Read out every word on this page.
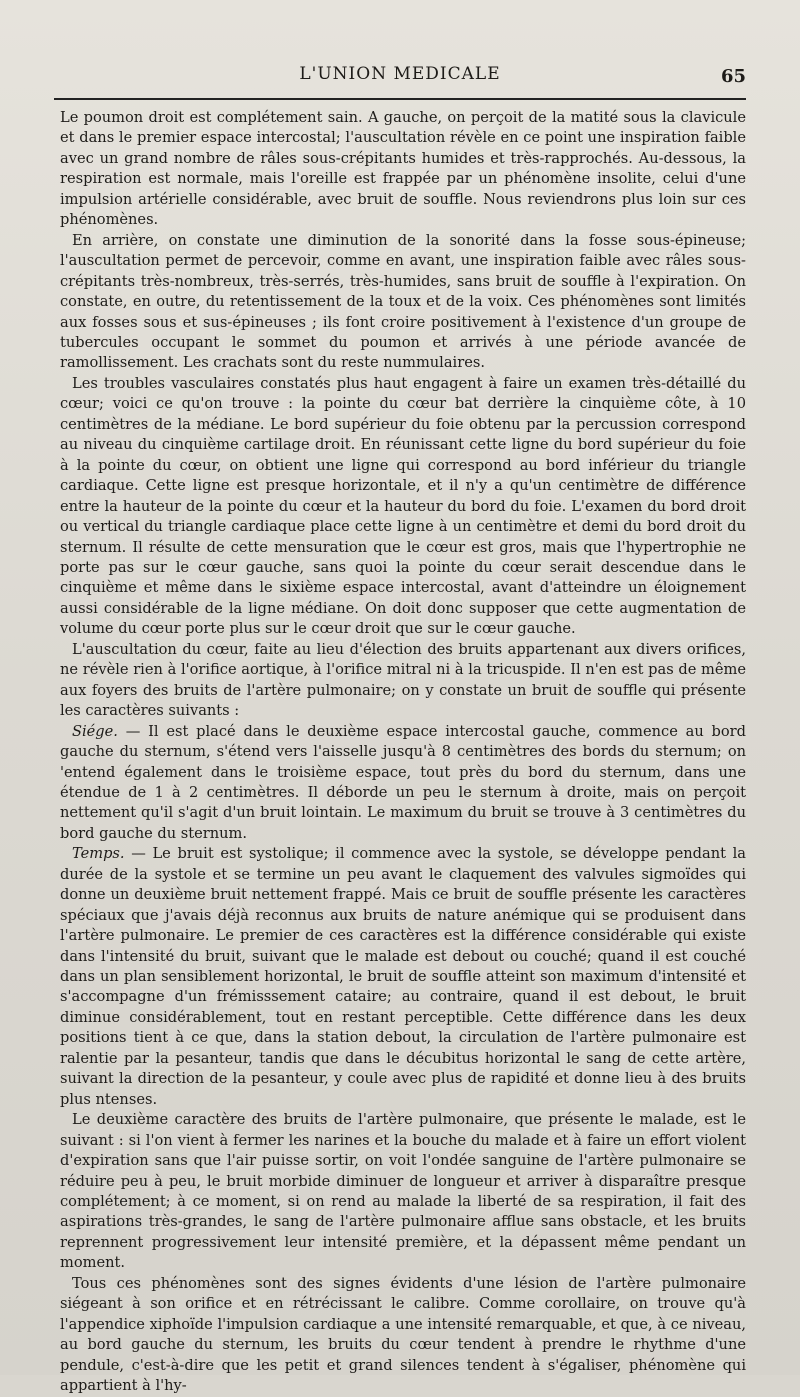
L'UNION MEDICALE	65

Le poumon droit est complétement sain. A gauche, on perçoit de la matité sous la clavicule et dans le premier espace intercostal; l'auscultation révèle en ce point une inspiration faible avec un grand nombre de râles sous-crépitants humides et très-rapprochés. Au-dessous, la respiration est normale, mais l'oreille est frappée par un phénomène insolite, celui d'une impulsion artérielle considérable, avec bruit de souffle. Nous reviendrons plus loin sur ces phénomènes.

En arrière, on constate une diminution de la sonorité dans la fosse sous-épineuse; l'auscultation permet de percevoir, comme en avant, une inspiration faible avec râles sous-crépitants très-nombreux, très-serrés, très-humides, sans bruit de souffle à l'expiration. On constate, en outre, du retentissement de la toux et de la voix. Ces phénomènes sont limités aux fosses sous et sus-épineuses ; ils font croire positivement à l'existence d'un groupe de tubercules occupant le sommet du poumon et arrivés à une période avancée de ramollissement. Les crachats sont du reste nummulaires.

Les troubles vasculaires constatés plus haut engagent à faire un examen très-détaillé du cœur; voici ce qu'on trouve : la pointe du cœur bat derrière la cinquième côte, à 10 centimètres de la médiane. Le bord supérieur du foie obtenu par la percussion correspond au niveau du cinquième cartilage droit. En réunissant cette ligne du bord supérieur du foie à la pointe du cœur, on obtient une ligne qui correspond au bord inférieur du triangle cardiaque. Cette ligne est presque horizontale, et il n'y a qu'un centimètre de différence entre la hauteur de la pointe du cœur et la hauteur du bord du foie. L'examen du bord droit ou vertical du triangle cardiaque place cette ligne à un centimètre et demi du bord droit du sternum. Il résulte de cette mensuration que le cœur est gros, mais que l'hypertrophie ne porte pas sur le cœur gauche, sans quoi la pointe du cœur serait descendue dans le cinquième et même dans le sixième espace intercostal, avant d'atteindre un éloignement aussi considérable de la ligne médiane. On doit donc supposer que cette augmentation de volume du cœur porte plus sur le cœur droit que sur le cœur gauche.

L'auscultation du cœur, faite au lieu d'élection des bruits appartenant aux divers orifices, ne révèle rien à l'orifice aortique, à l'orifice mitral ni à la tricuspide. Il n'en est pas de même aux foyers des bruits de l'artère pulmonaire; on y constate un bruit de souffle qui présente les caractères suivants :

Siége. — Il est placé dans le deuxième espace intercostal gauche, commence au bord gauche du sternum, s'étend vers l'aisselle jusqu'à 8 centimètres des bords du sternum; on 'entend également dans le troisième espace, tout près du bord du sternum, dans une étendue de 1 à 2 centimètres. Il déborde un peu le sternum à droite, mais on perçoit nettement qu'il s'agit d'un bruit lointain. Le maximum du bruit se trouve à 3 centimètres du bord gauche du sternum.

Temps. — Le bruit est systolique; il commence avec la systole, se développe pendant la durée de la systole et se termine un peu avant le claquement des valvules sigmoïdes qui donne un deuxième bruit nettement frappé. Mais ce bruit de souffle présente les caractères spéciaux que j'avais déjà reconnus aux bruits de nature anémique qui se produisent dans l'artère pulmonaire. Le premier de ces caractères est la différence considérable qui existe dans l'intensité du bruit, suivant que le malade est debout ou couché; quand il est couché dans un plan sensiblement horizontal, le bruit de souffle atteint son maximum d'intensité et s'accompagne d'un frémisssement cataire; au contraire, quand il est debout, le bruit diminue considérablement, tout en restant perceptible. Cette différence dans les deux positions tient à ce que, dans la station debout, la circulation de l'artère pulmonaire est ralentie par la pesanteur, tandis que dans le décubitus horizontal le sang de cette artère, suivant la direction de la pesanteur, y coule avec plus de rapidité et donne lieu à des bruits plus ntenses.

Le deuxième caractère des bruits de l'artère pulmonaire, que présente le malade, est le suivant : si l'on vient à fermer les narines et la bouche du malade et à faire un effort violent d'expiration sans que l'air puisse sortir, on voit l'ondée sanguine de l'artère pulmonaire se réduire peu à peu, le bruit morbide diminuer de longueur et arriver à disparaître presque complétement; à ce moment, si on rend au malade la liberté de sa respiration, il fait des aspirations très-grandes, le sang de l'artère pulmonaire afflue sans obstacle, et les bruits reprennent progressivement leur intensité première, et la dépassent même pendant un moment.

Tous ces phénomènes sont des signes évidents d'une lésion de l'artère pulmonaire siégeant à son orifice et en rétrécissant le calibre. Comme corollaire, on trouve qu'à l'appendice xiphoïde l'impulsion cardiaque a une intensité remarquable, et que, à ce niveau, au bord gauche du sternum, les bruits du cœur tendent à prendre le rhythme d'une pendule, c'est-à-dire que les petit et grand silences tendent à s'égaliser, phénomène qui appartient à l'hy-
